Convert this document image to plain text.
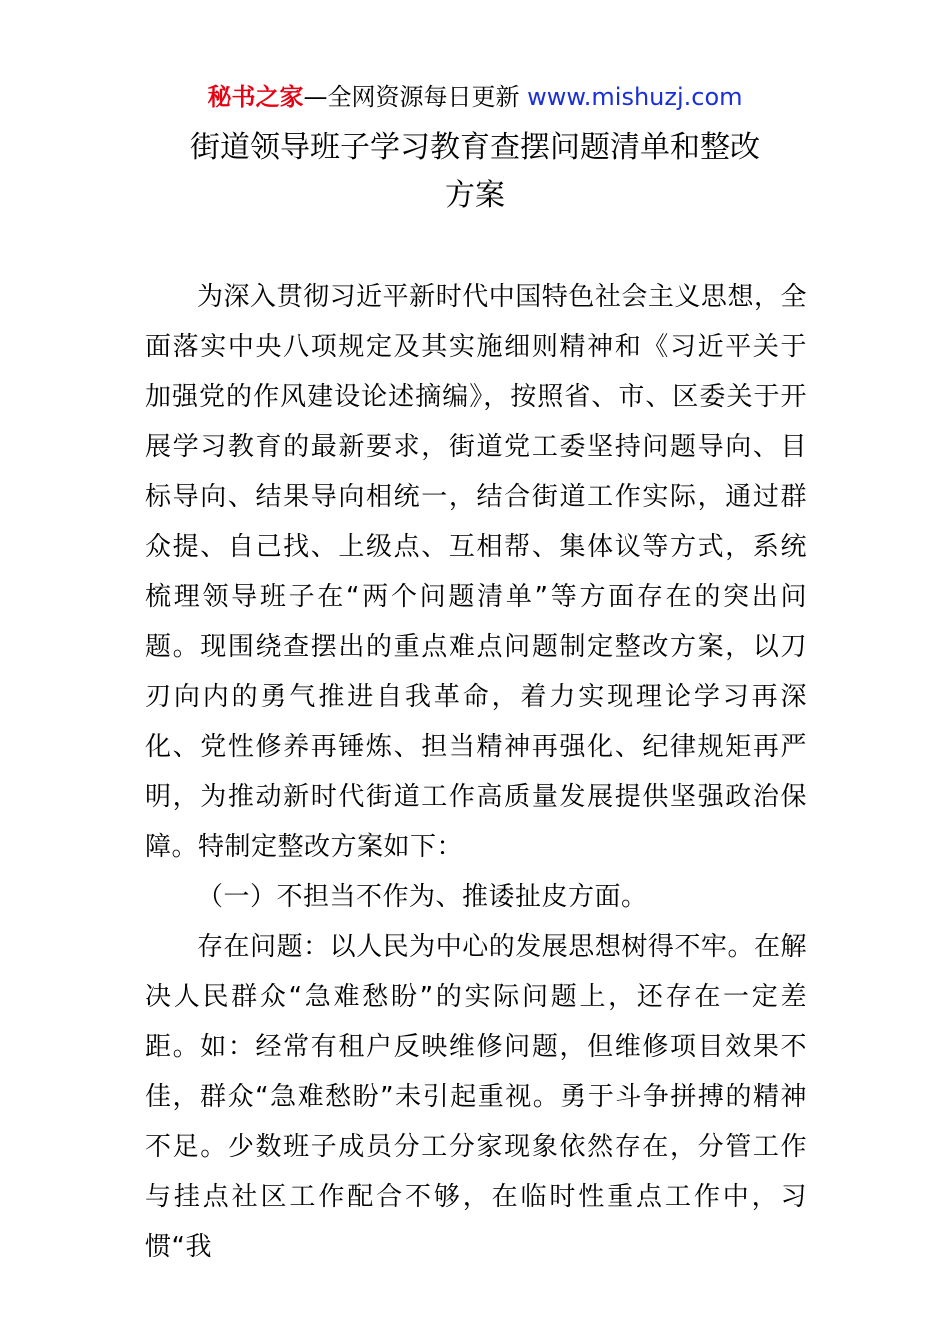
秘书之家—全网资源每日更新 www.mishuzj.com
街道领导班子学习教育查摆问题清单和整改
方案

为深入贯彻习近平新时代中国特色社会主义思想，全面落实中央八项规定及其实施细则精神和《习近平关于加强党的作风建设论述摘编》，按照省、市、区委关于开展学习教育的最新要求，街道党工委坚持问题导向、目标导向、结果导向相统一，结合街道工作实际，通过群众提、自己找、上级点、互相帮、集体议等方式，系统梳理领导班子在“两个问题清单”等方面存在的突出问题。现围绕查摆出的重点难点问题制定整改方案，以刀刃向内的勇气推进自我革命，着力实现理论学习再深化、党性修养再锤炼、担当精神再强化、纪律规矩再严明，为推动新时代街道工作高质量发展提供坚强政治保障。特制定整改方案如下：

（一）不担当不作为、推诿扯皮方面。

存在问题：以人民为中心的发展思想树得不牢。在解决人民群众“急难愁盼”的实际问题上，还存在一定差距。如：经常有租户反映维修问题，但维修项目效果不佳，群众“急难愁盼”未引起重视。勇于斗争拼搏的精神不足。少数班子成员分工分家现象依然存在，分管工作与挂点社区工作配合不够，在临时性重点工作中，习惯“我
